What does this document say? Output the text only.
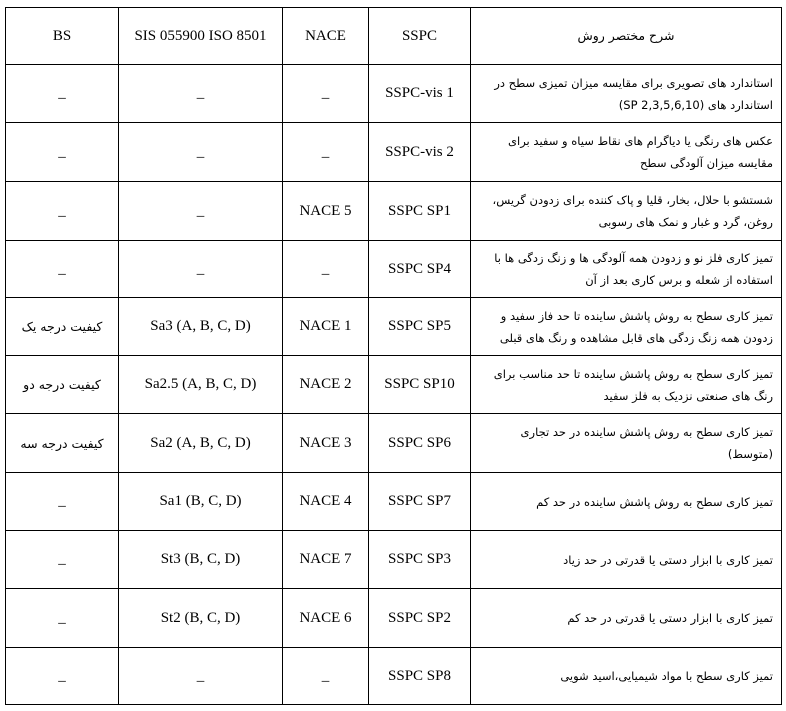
BS	SIS 055900 ISO 8501	NACE	SSPC	شرح مختصر روش
_	_	_	SSPC-vis 1	استاندارد های تصویری برای مقایسه میزان تمیزی سطح در استاندارد های (SP 2,3,5,6,10)
_	_	_	SSPC-vis 2	عکس های رنگی یا دیاگرام های نقاط سیاه و سفید برای مقایسه میزان آلودگی سطح
_	_	NACE 5	SSPC SP1	شستشو با حلال، بخار، قلیا و پاک کننده برای زدودن گریس، روغن، گرد و غبار و نمک های رسوبی
_	_	_	SSPC SP4	تمیز کاری فلز نو و زدودن همه آلودگی ها و زنگ زدگی ها با استفاده از شعله و برس کاری بعد از آن
کیفیت درجه یک	Sa3 (A, B, C, D)	NACE 1	SSPC SP5	تمیز کاری سطح به روش پاشش ساینده تا حد فاز سفید و زدودن همه زنگ زدگی های قابل مشاهده و رنگ های قبلی
کیفیت درجه دو	Sa2.5 (A, B, C, D)	NACE 2	SSPC SP10	تمیز کاری سطح به روش پاشش ساینده تا حد مناسب برای رنگ های صنعتی نزدیک به فلز سفید
کیفیت درجه سه	Sa2 (A, B, C, D)	NACE 3	SSPC SP6	تمیز کاری سطح به روش پاشش ساینده در حد تجاری (متوسط)
_	Sa1 (B, C, D)	NACE 4	SSPC SP7	تمیز کاری سطح به روش پاشش ساینده در حد کم
_	St3 (B, C, D)	NACE 7	SSPC SP3	تمیز کاری با ابزار دستی یا قدرتی در حد زیاد
_	St2 (B, C, D)	NACE 6	SSPC SP2	تمیز کاری با ابزار دستی یا قدرتی در حد کم
_	_	_	SSPC SP8	تمیز کاری سطح با مواد شیمیایی،اسید شویی
